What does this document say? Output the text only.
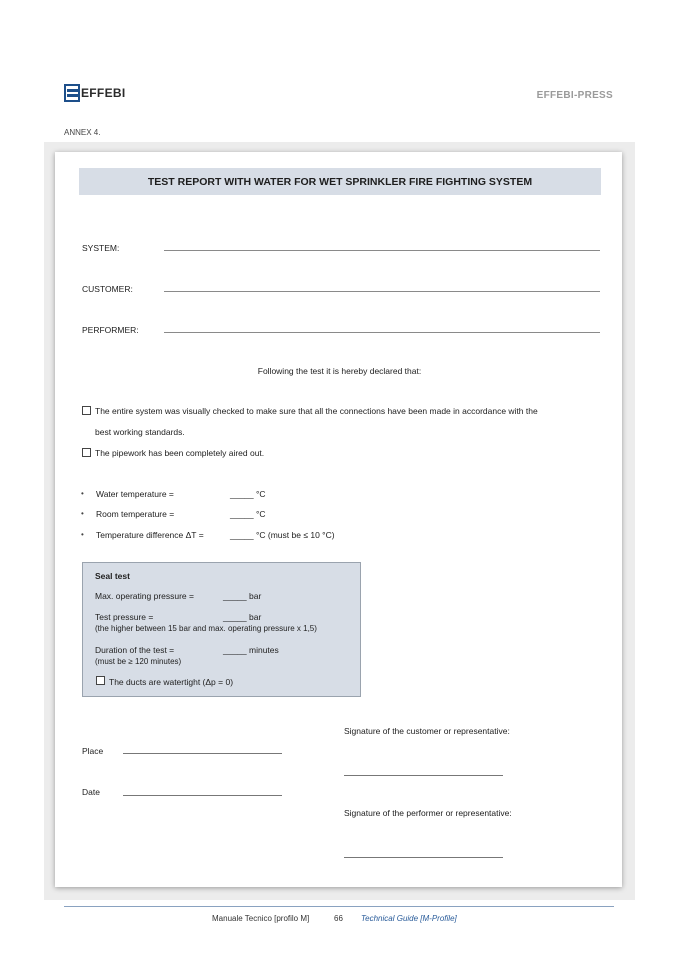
EFFEBI	EFFEBI-PRESS
ANNEX 4.
TEST REPORT WITH WATER FOR WET SPRINKLER FIRE FIGHTING SYSTEM
SYSTEM:
CUSTOMER:
PERFORMER:
Following the test it is hereby declared that:
The entire system was visually checked to make sure that all the connections have been made in accordance with the
best working standards.
The pipework has been completely aired out.
• Water temperature =	_____ °C
• Room temperature =	_____ °C
• Temperature difference ΔT =	_____ °C (must be ≤ 10 °C)
Seal test
Max. operating pressure =	_____ bar
Test pressure =	_____ bar
(the higher between 15 bar and max. operating pressure x 1,5)
Duration of the test =	_____ minutes
(must be ≥ 120 minutes)
The ducts are watertight (Δp = 0)
Place
Date
Signature of the customer or representative:
Signature of the performer or representative:
Manuale Tecnico [profilo M]	66 Technical Guide [M-Profile]
